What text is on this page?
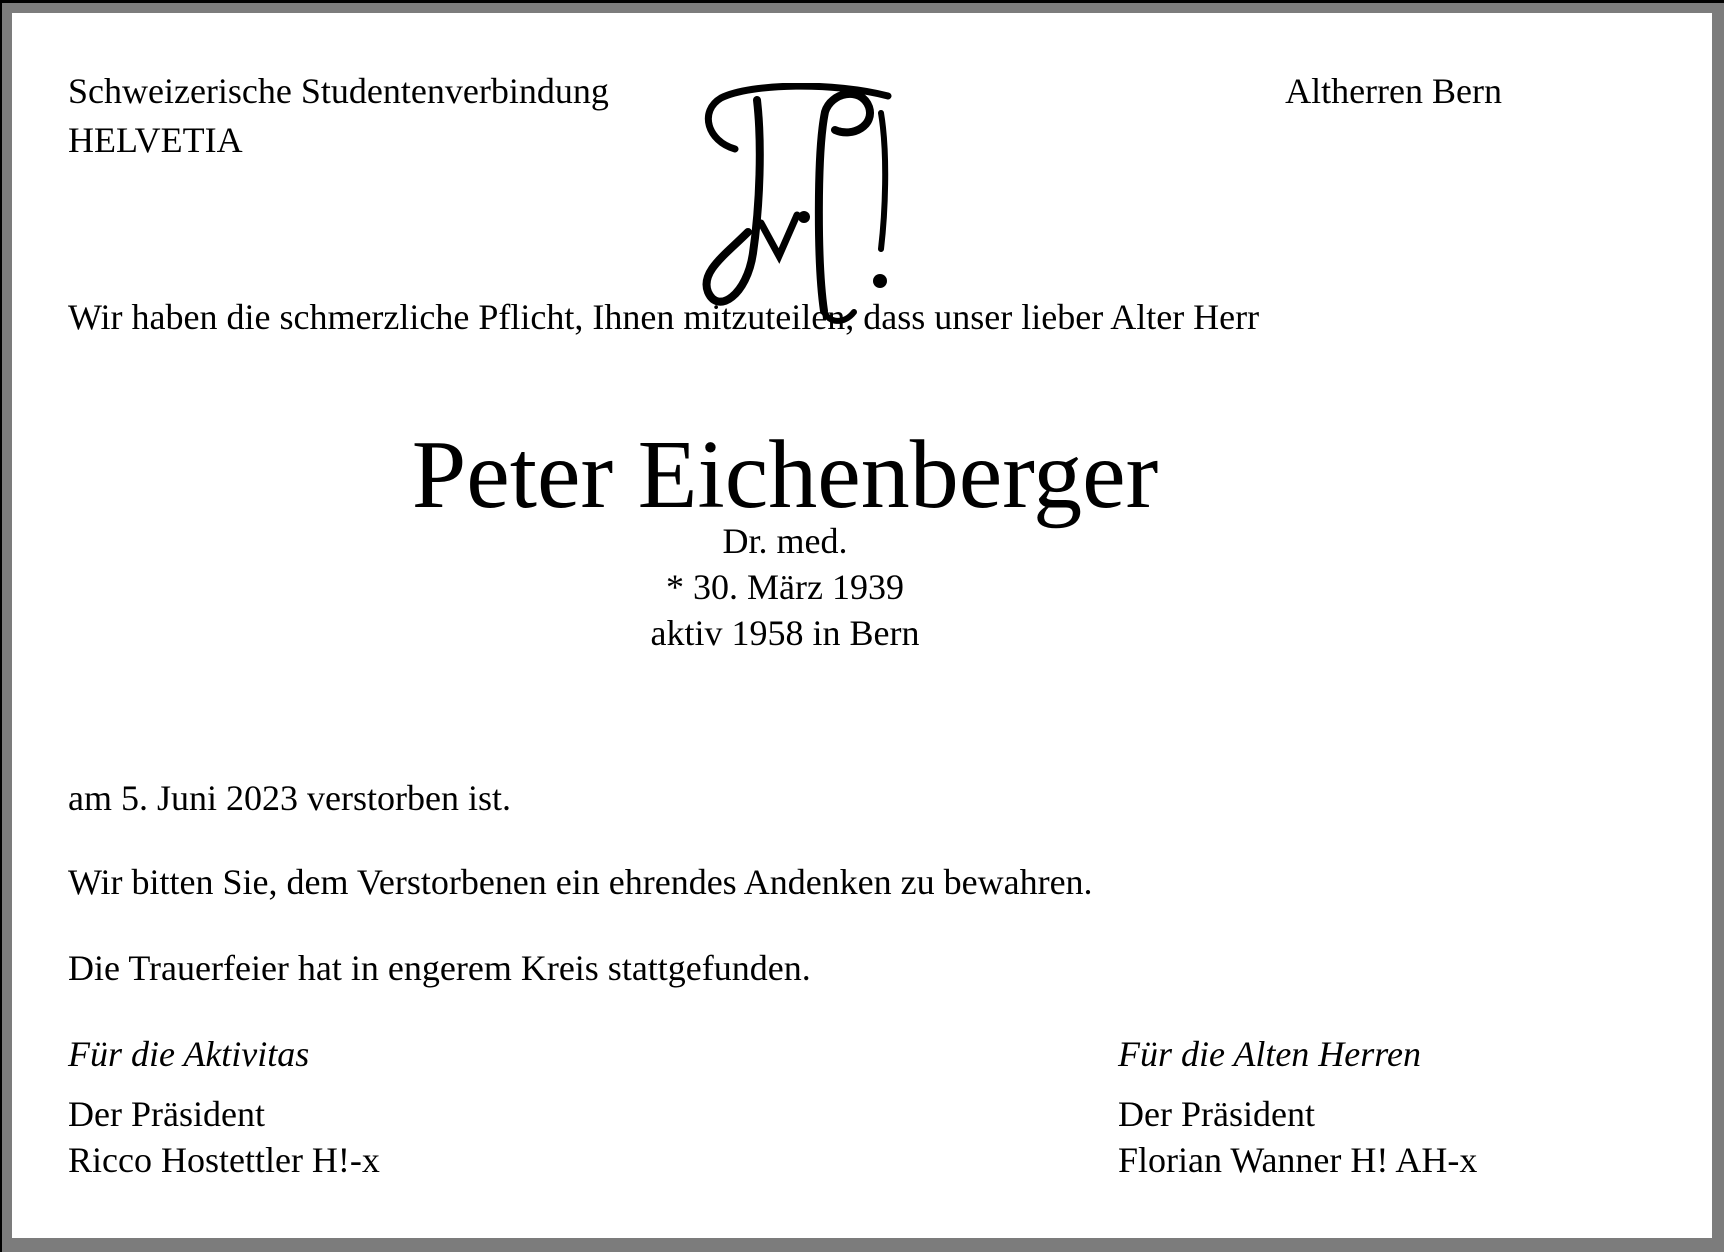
Schweizerische Studentenverbindung
HELVETIA
Altherren Bern
Wir haben die schmerzliche Pflicht, Ihnen mitzuteilen, dass unser lieber Alter Herr
Peter Eichenberger
Dr. med.
* 30. März 1939
aktiv 1958 in Bern
am 5. Juni 2023 verstorben ist.
Wir bitten Sie, dem Verstorbenen ein ehrendes Andenken zu bewahren.
Die Trauerfeier hat in engerem Kreis stattgefunden.
Für die Aktivitas
Der Präsident
Ricco Hostettler H!-x
Für die Alten Herren
Der Präsident
Florian Wanner H! AH-x
